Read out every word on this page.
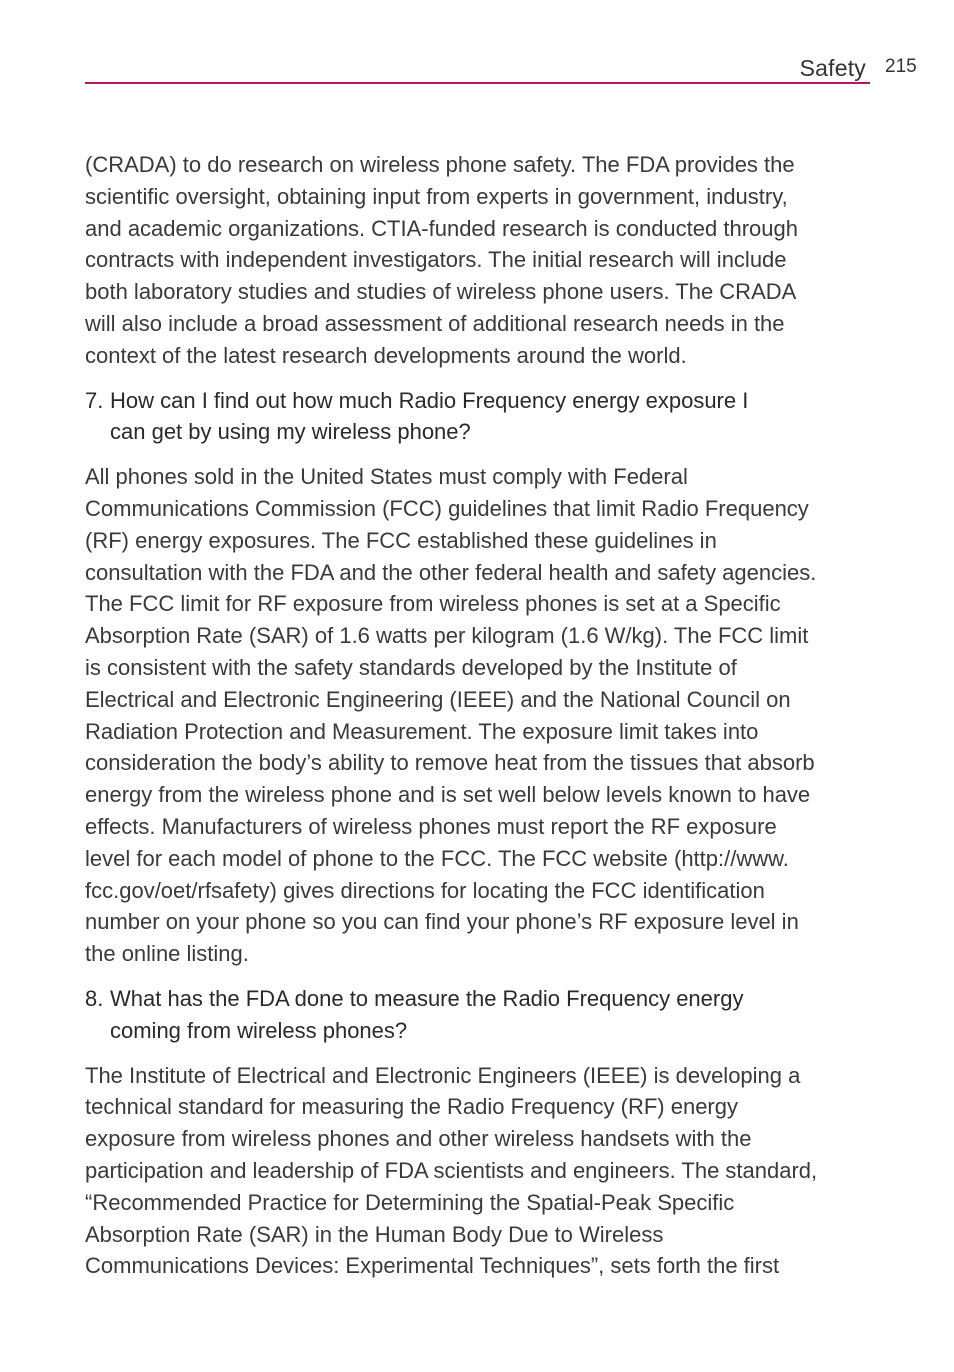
Safety 215

(CRADA) to do research on wireless phone safety. The FDA provides the
scientific oversight, obtaining input from experts in government, industry,
and academic organizations. CTIA-funded research is conducted through
contracts with independent investigators. The initial research will include
both laboratory studies and studies of wireless phone users. The CRADA
will also include a broad assessment of additional research needs in the
context of the latest research developments around the world.

7. How can I find out how much Radio Frequency energy exposure I
can get by using my wireless phone?

All phones sold in the United States must comply with Federal
Communications Commission (FCC) guidelines that limit Radio Frequency
(RF) energy exposures. The FCC established these guidelines in
consultation with the FDA and the other federal health and safety agencies.
The FCC limit for RF exposure from wireless phones is set at a Specific
Absorption Rate (SAR) of 1.6 watts per kilogram (1.6 W/kg). The FCC limit
is consistent with the safety standards developed by the Institute of
Electrical and Electronic Engineering (IEEE) and the National Council on
Radiation Protection and Measurement. The exposure limit takes into
consideration the body’s ability to remove heat from the tissues that absorb
energy from the wireless phone and is set well below levels known to have
effects. Manufacturers of wireless phones must report the RF exposure
level for each model of phone to the FCC. The FCC website (http://www.
fcc.gov/oet/rfsafety) gives directions for locating the FCC identification
number on your phone so you can find your phone’s RF exposure level in
the online listing.

8. What has the FDA done to measure the Radio Frequency energy
coming from wireless phones?

The Institute of Electrical and Electronic Engineers (IEEE) is developing a
technical standard for measuring the Radio Frequency (RF) energy
exposure from wireless phones and other wireless handsets with the
participation and leadership of FDA scientists and engineers. The standard,
“Recommended Practice for Determining the Spatial-Peak Specific
Absorption Rate (SAR) in the Human Body Due to Wireless
Communications Devices: Experimental Techniques”, sets forth the first
